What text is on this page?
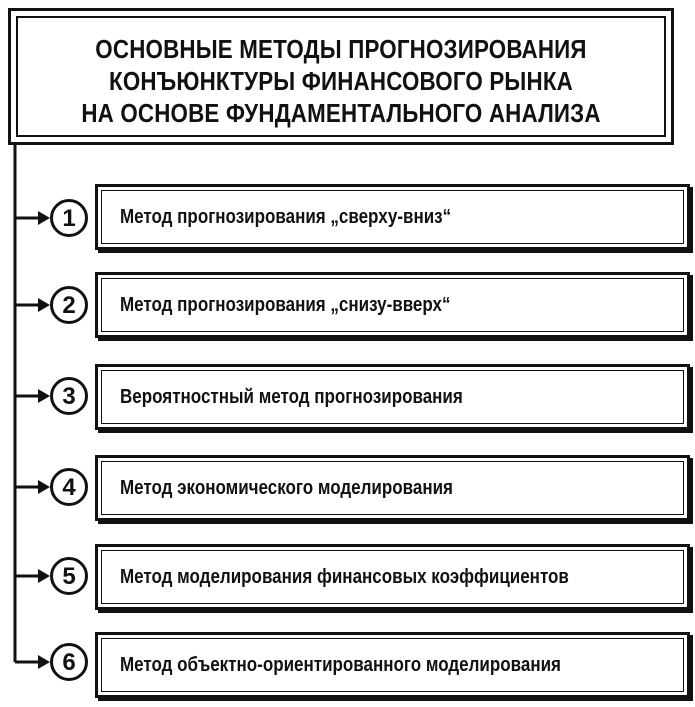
ОСНОВНЫЕ МЕТОДЫ ПРОГНОЗИРОВАНИЯ
КОНЪЮНКТУРЫ ФИНАНСОВОГО РЫНКА
НА ОСНОВЕ ФУНДАМЕНТАЛЬНОГО АНАЛИЗА
1	Метод прогнозирования „сверху-вниз“
2	Метод прогнозирования „снизу-вверх“
3	Вероятностный метод прогнозирования
4	Метод экономического моделирования
5	Метод моделирования финансовых коэффициентов
6	Метод объектно-ориентированного моделирования
